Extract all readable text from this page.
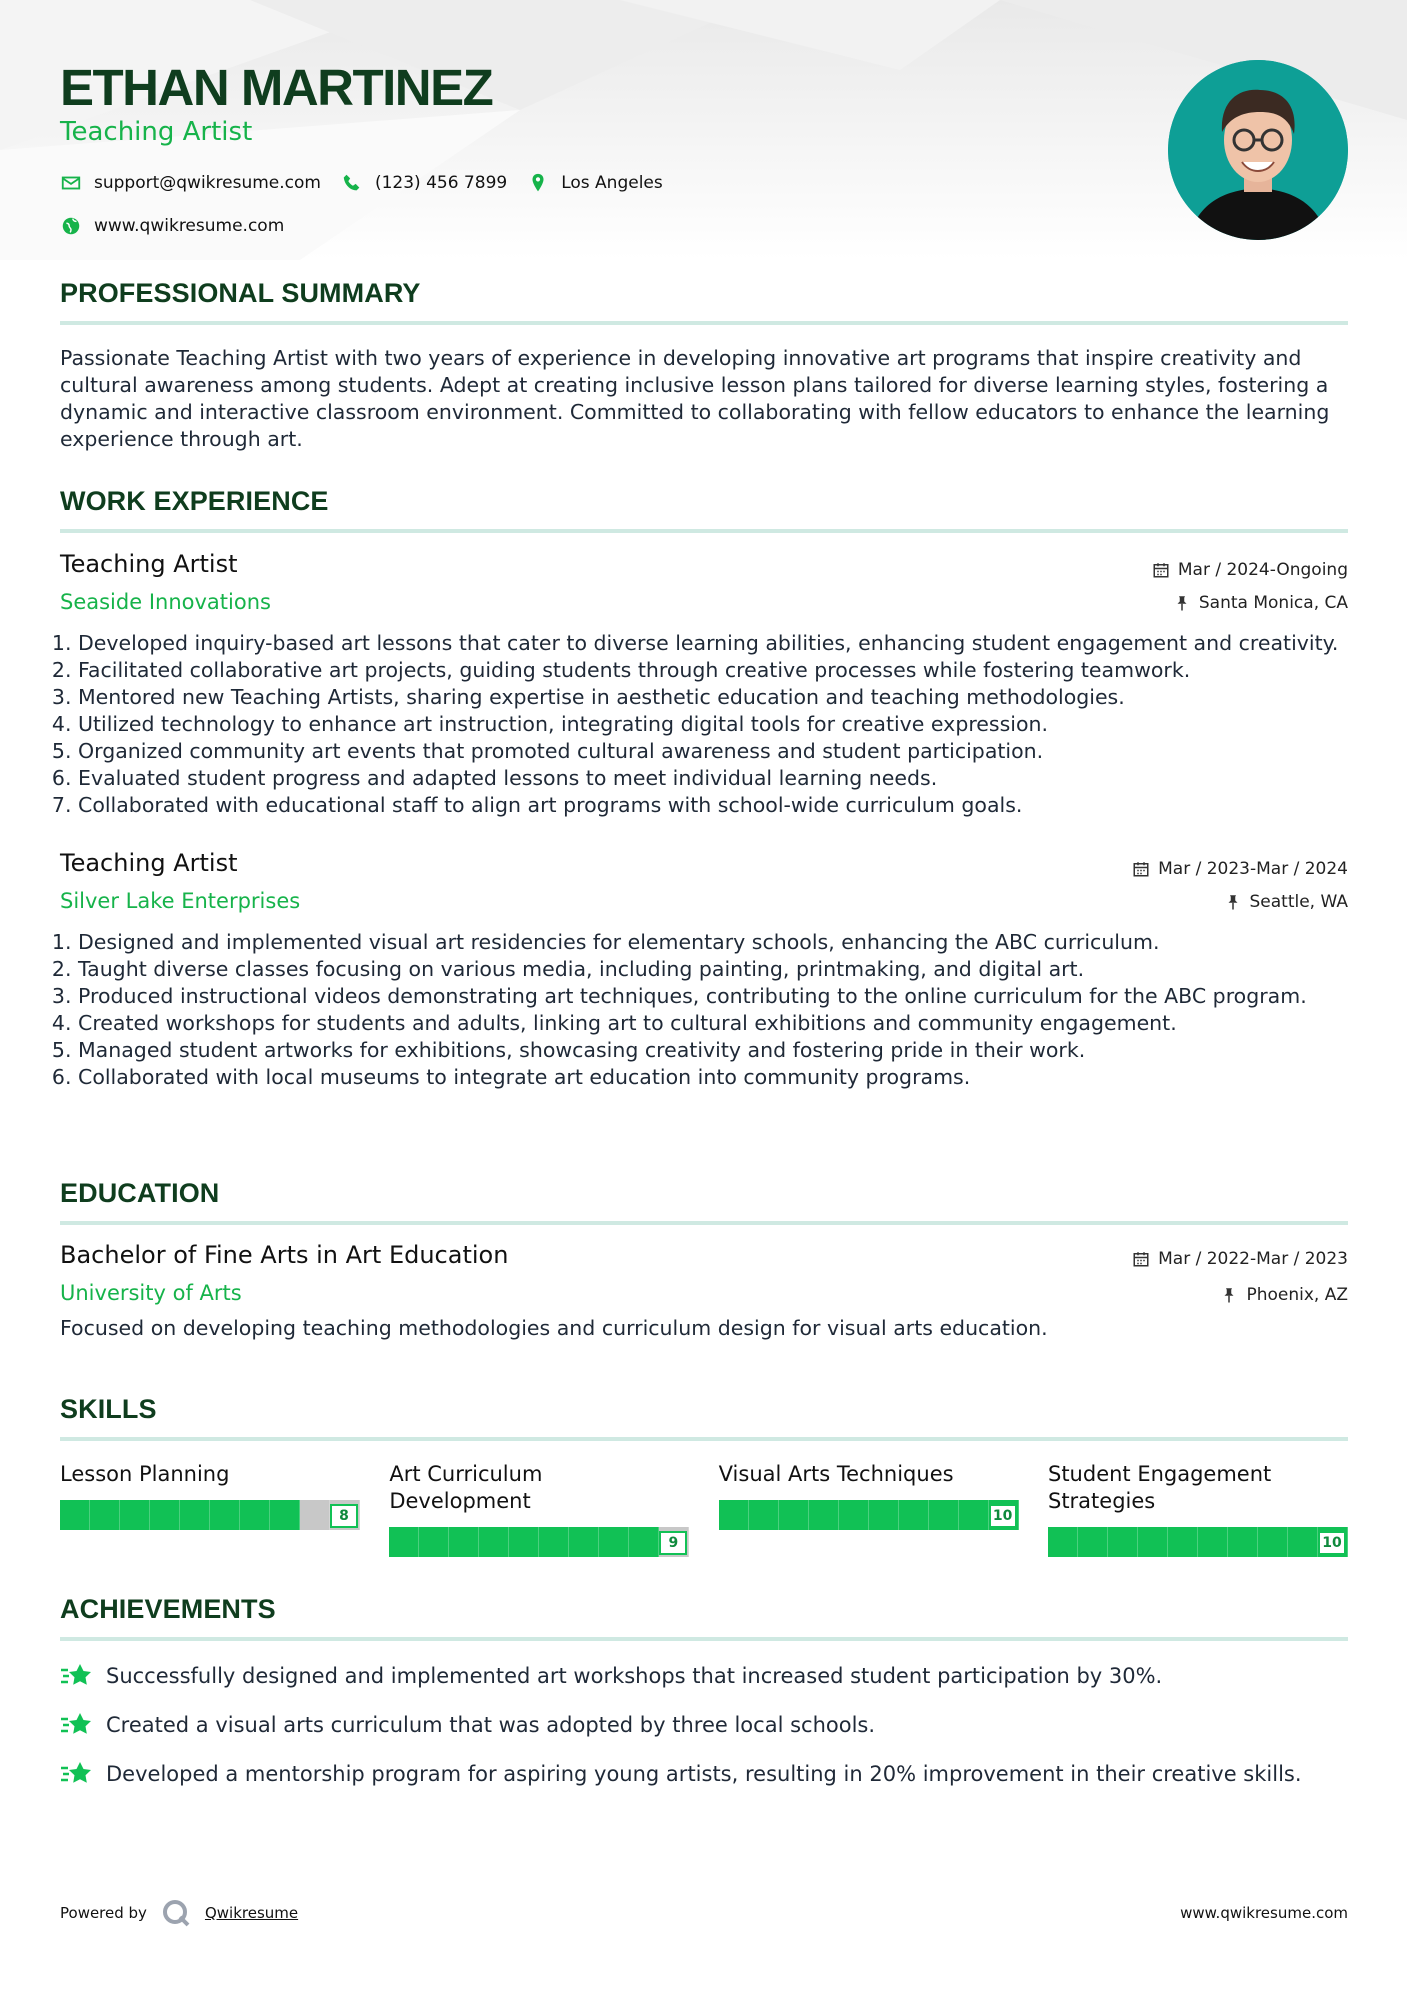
ETHAN MARTINEZ
Teaching Artist
support@qwikresume.com	(123) 456 7899	Los Angeles
www.qwikresume.com
PROFESSIONAL SUMMARY
Passionate Teaching Artist with two years of experience in developing innovative art programs that inspire creativity and cultural awareness among students. Adept at creating inclusive lesson plans tailored for diverse learning styles, fostering a dynamic and interactive classroom environment. Committed to collaborating with fellow educators to enhance the learning experience through art.
WORK EXPERIENCE
Teaching Artist	Mar / 2024-Ongoing
Seaside Innovations	Santa Monica, CA
1. Developed inquiry-based art lessons that cater to diverse learning abilities, enhancing student engagement and creativity.
2. Facilitated collaborative art projects, guiding students through creative processes while fostering teamwork.
3. Mentored new Teaching Artists, sharing expertise in aesthetic education and teaching methodologies.
4. Utilized technology to enhance art instruction, integrating digital tools for creative expression.
5. Organized community art events that promoted cultural awareness and student participation.
6. Evaluated student progress and adapted lessons to meet individual learning needs.
7. Collaborated with educational staff to align art programs with school-wide curriculum goals.
Teaching Artist	Mar / 2023-Mar / 2024
Silver Lake Enterprises	Seattle, WA
1. Designed and implemented visual art residencies for elementary schools, enhancing the ABC curriculum.
2. Taught diverse classes focusing on various media, including painting, printmaking, and digital art.
3. Produced instructional videos demonstrating art techniques, contributing to the online curriculum for the ABC program.
4. Created workshops for students and adults, linking art to cultural exhibitions and community engagement.
5. Managed student artworks for exhibitions, showcasing creativity and fostering pride in their work.
6. Collaborated with local museums to integrate art education into community programs.
EDUCATION
Bachelor of Fine Arts in Art Education	Mar / 2022-Mar / 2023
University of Arts	Phoenix, AZ
Focused on developing teaching methodologies and curriculum design for visual arts education.
SKILLS
Lesson Planning
8
Art Curriculum Development
9
Visual Arts Techniques
10
Student Engagement Strategies
10
ACHIEVEMENTS
Successfully designed and implemented art workshops that increased student participation by 30%.
Created a visual arts curriculum that was adopted by three local schools.
Developed a mentorship program for aspiring young artists, resulting in 20% improvement in their creative skills.
Powered by	Qwikresume	www.qwikresume.com
